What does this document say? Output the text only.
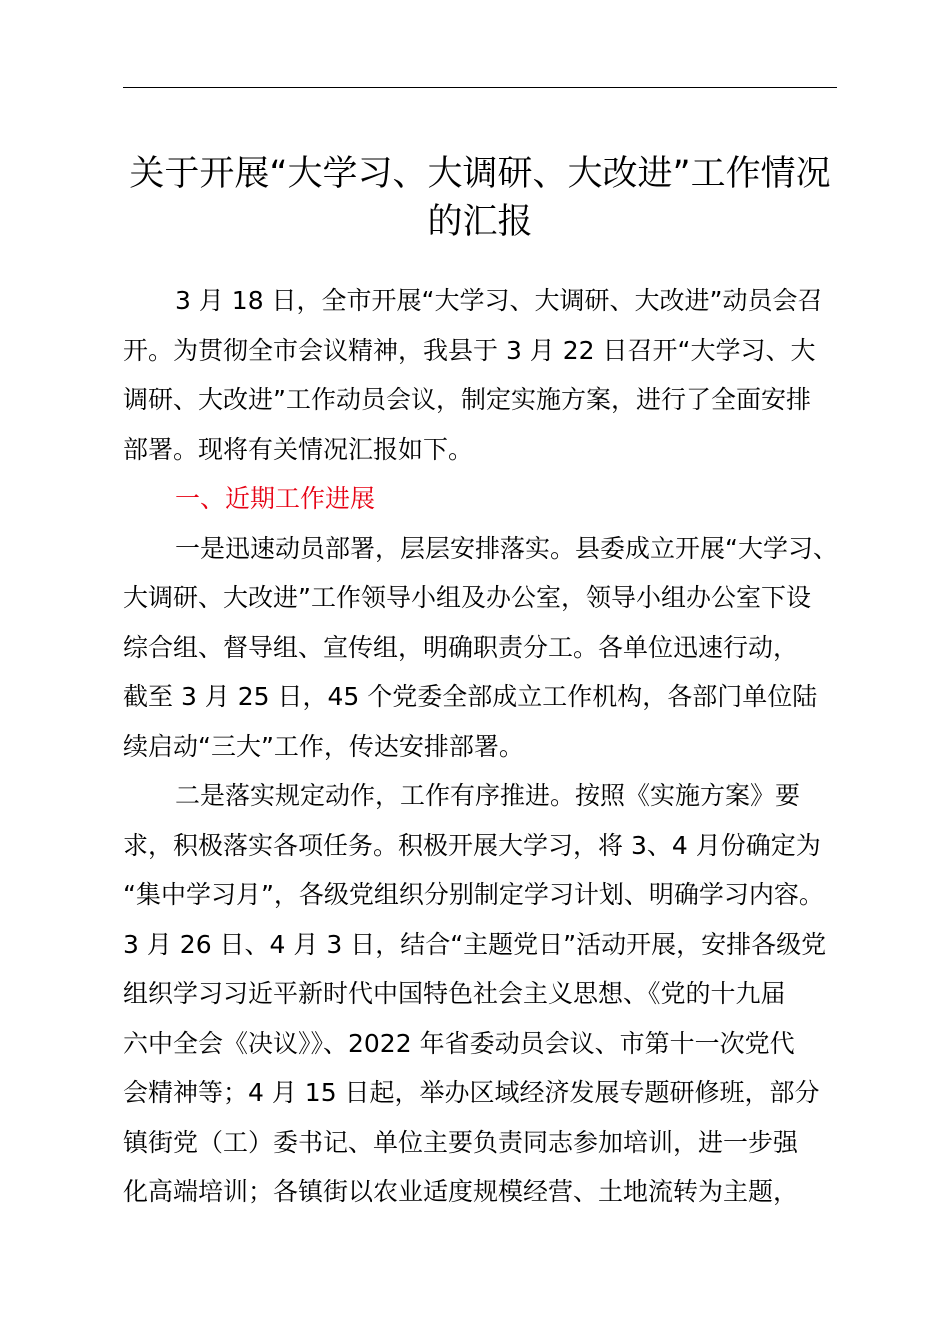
关于开展“大学习、大调研、大改进”工作情况
的汇报
3 月 18 日，全市开展“大学习、大调研、大改进”动员会召
开。为贯彻全市会议精神，我县于 3 月 22 日召开“大学习、大
调研、大改进”工作动员会议，制定实施方案，进行了全面安排
部署。现将有关情况汇报如下。
一、近期工作进展
一是迅速动员部署，层层安排落实。县委成立开展“大学习、
大调研、大改进”工作领导小组及办公室，领导小组办公室下设
综合组、督导组、宣传组，明确职责分工。各单位迅速行动，
截至 3 月 25 日，45 个党委全部成立工作机构，各部门单位陆
续启动“三大”工作，传达安排部署。
二是落实规定动作，工作有序推进。按照《实施方案》要
求，积极落实各项任务。积极开展大学习，将 3、4 月份确定为
“集中学习月”，各级党组织分别制定学习计划、明确学习内容。
3 月 26 日、4 月 3 日，结合“主题党日”活动开展，安排各级党
组织学习习近平新时代中国特色社会主义思想、《党的十九届
六中全会《决议》》、2022 年省委动员会议、市第十一次党代
会精神等；4 月 15 日起，举办区域经济发展专题研修班，部分
镇街党（工）委书记、单位主要负责同志参加培训，进一步强
化高端培训；各镇街以农业适度规模经营、土地流转为主题，
